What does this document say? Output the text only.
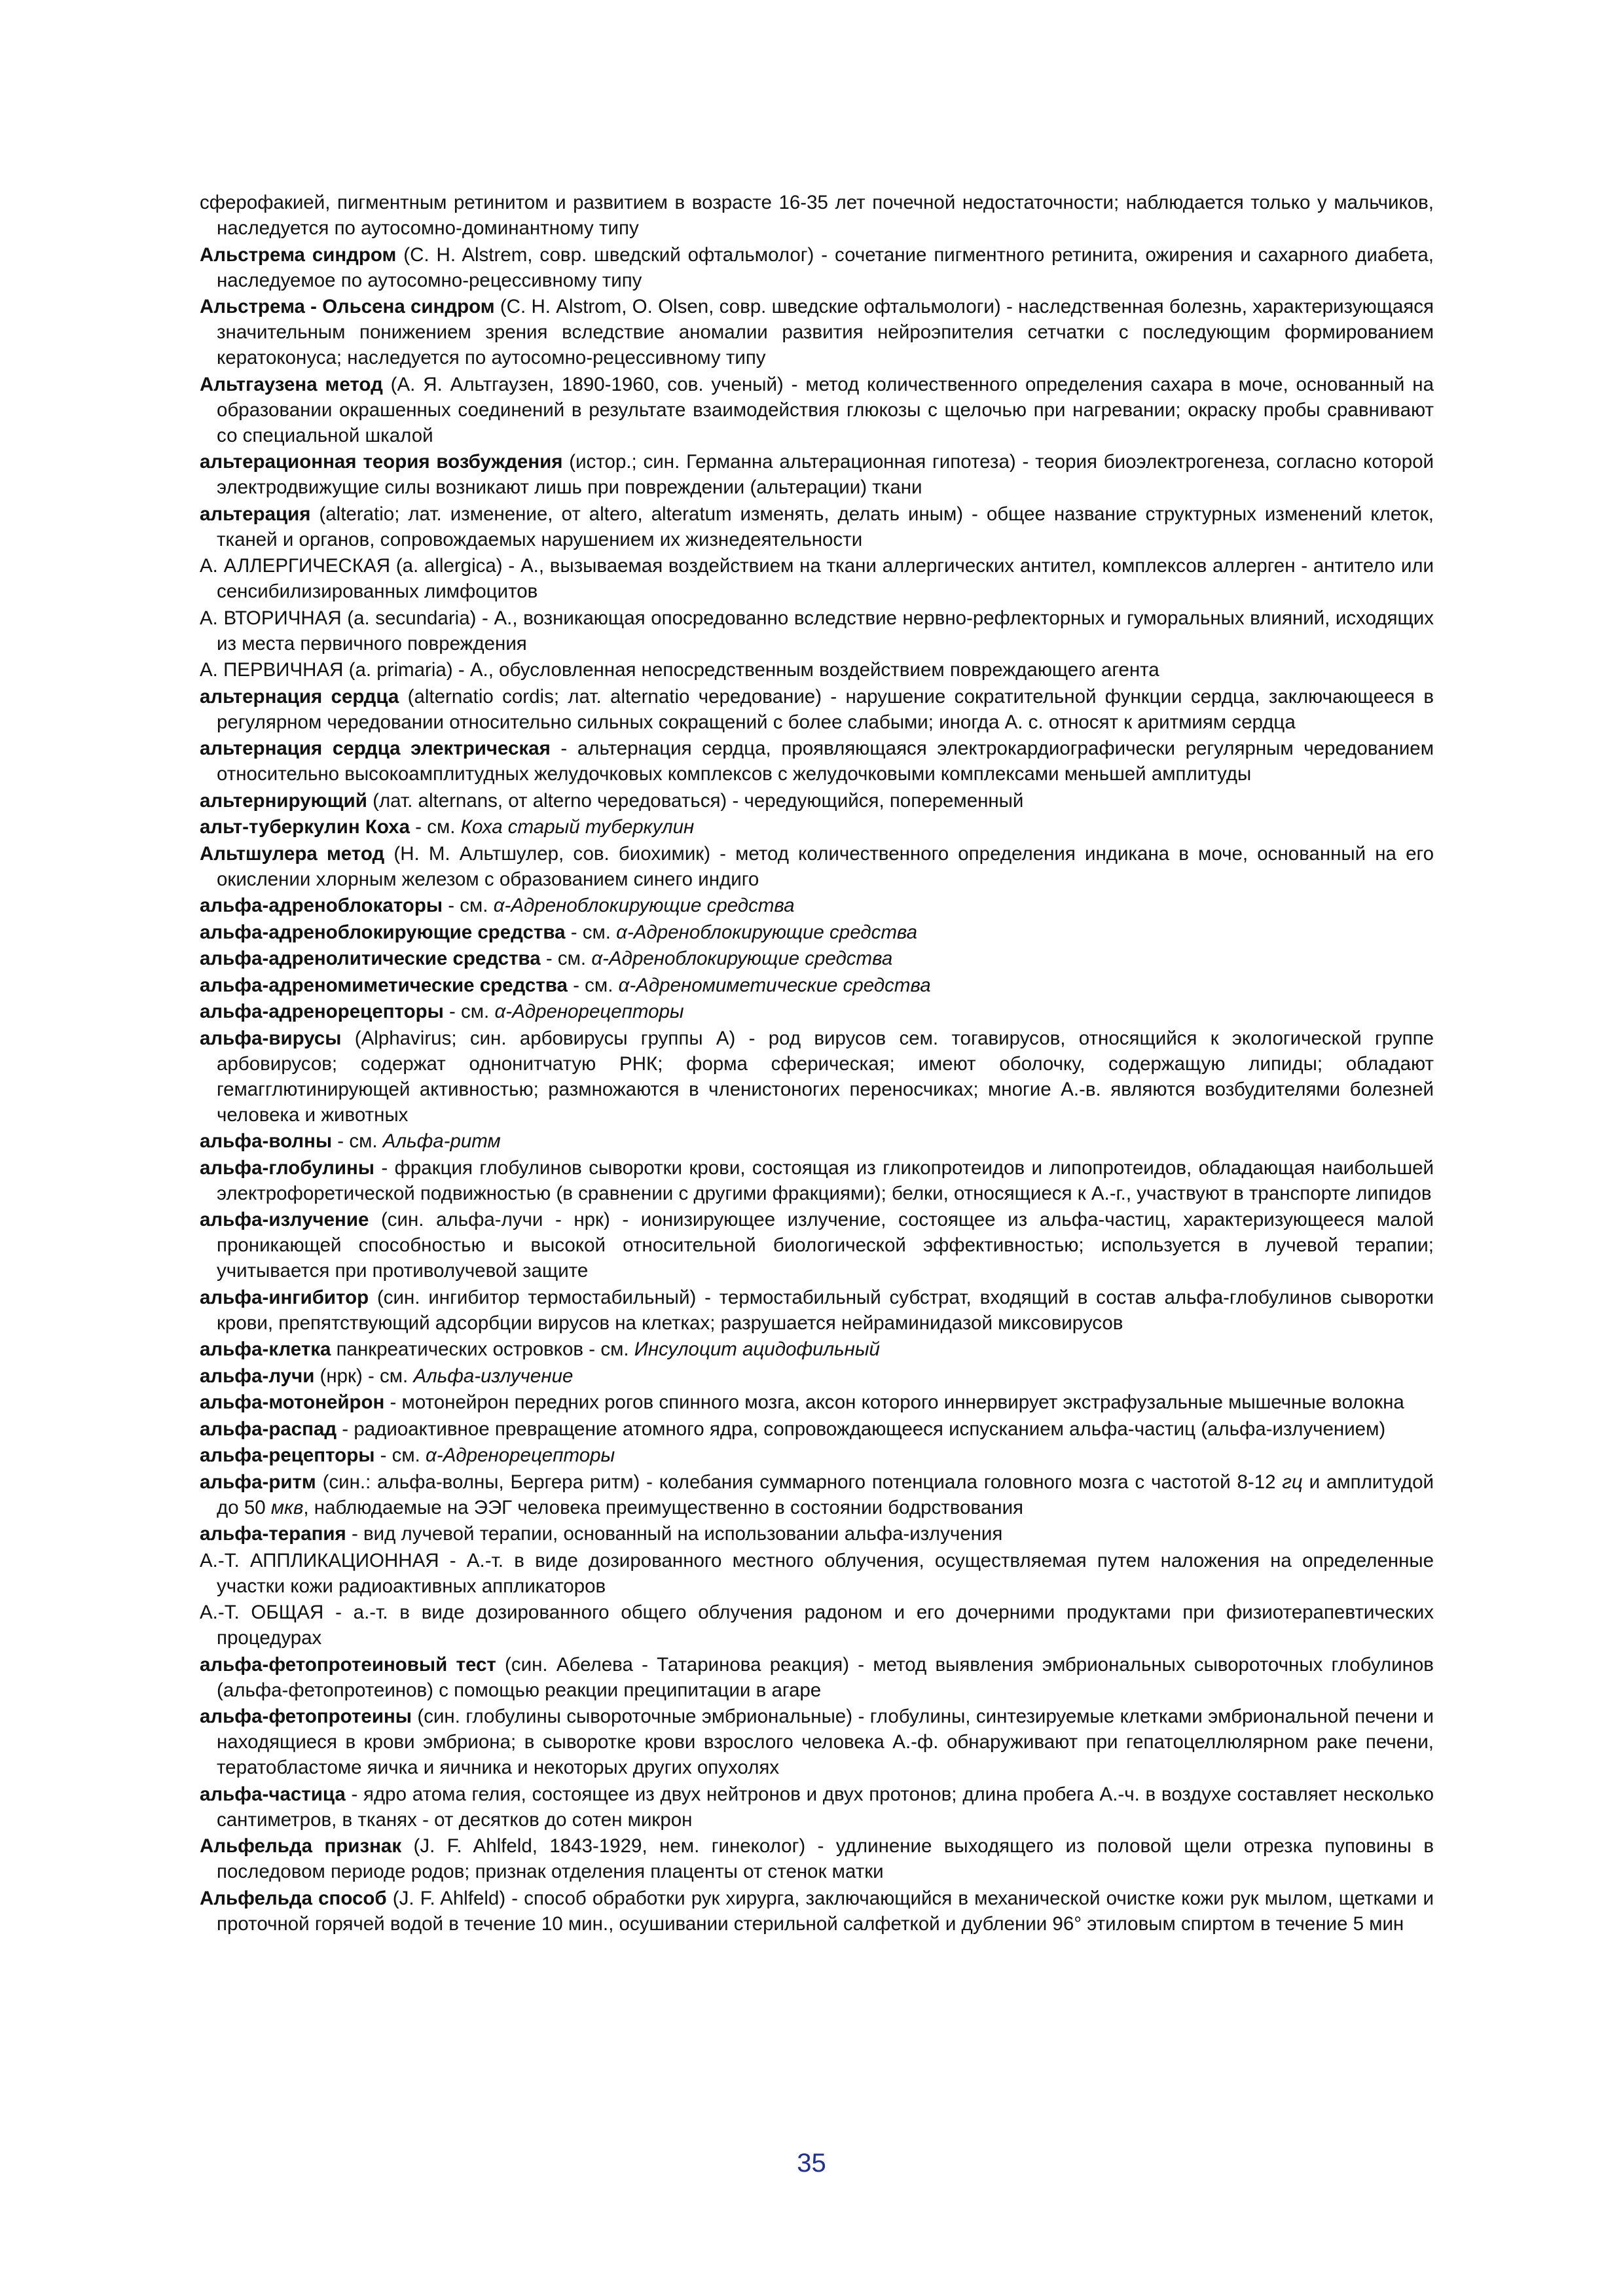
сферофакией, пигментным ретинитом и развитием в возрасте 16-35 лет почечной недостаточности; наблюдается только у мальчиков, наследуется по аутосомно-доминантному типу
Альстрема синдром (C. H. Alstrem, совр. шведский офтальмолог) - сочетание пигментного ретинита, ожирения и сахарного диабета, наследуемое по аутосомно-рецессивному типу
Альстрема - Ольсена синдром (С. Н. Alstrom, О. Olsen, совр. шведские офтальмологи) - наследственная болезнь, характеризующаяся значительным понижением зрения вследствие аномалии развития нейроэпителия сетчатки с последующим формированием кератоконуса; наследуется по аутосомно-рецессивному типу
Альтгаузена метод (А. Я. Альтгаузен, 1890-1960, сов. ученый) - метод количественного определения сахара в моче, основанный на образовании окрашенных соединений в результате взаимодействия глюкозы с щелочью при нагревании; окраску пробы сравнивают со специальной шкалой
альтерационная теория возбуждения (истор.; син. Германна альтерационная гипотеза) - теория биоэлектрогенеза, согласно которой электродвижущие силы возникают лишь при повреждении (альтерации) ткани
альтерация (alteratio; лат. изменение, от altero, alteratum изменять, делать иным) - общее название структурных изменений клеток, тканей и органов, сопровождаемых нарушением их жизнедеятельности
А. АЛЛЕРГИЧЕСКАЯ (а. allergica) - А., вызываемая воздействием на ткани аллергических антител, комплексов аллерген - антитело или сенсибилизированных лимфоцитов
А. ВТОРИЧНАЯ (а. secundaria) - А., возникающая опосредованно вследствие нервно-рефлекторных и гуморальных влияний, исходящих из места первичного повреждения
А. ПЕРВИЧНАЯ (а. primaria) - А., обусловленная непосредственным воздействием повреждающего агента
альтернация сердца (alternatio cordis; лат. alternatio чередование) - нарушение сократительной функции сердца, заключающееся в регулярном чередовании относительно сильных сокращений с более слабыми; иногда А. с. относят к аритмиям сердца
альтернация сердца электрическая - альтернация сердца, проявляющаяся электрокардиографически регулярным чередованием относительно высокоамплитудных желудочковых комплексов с желудочковыми комплексами меньшей амплитуды
альтернирующий (лат. alternans, от alterno чередоваться) - чередующийся, попеременный
альт-туберкулин Коха - см. Коха старый туберкулин
Альтшулера метод (Н. М. Альтшулер, сов. биохимик) - метод количественного определения индикана в моче, основанный на его окислении хлорным железом с образованием синего индиго
альфа-адреноблокаторы - см. α-Адреноблокирующие средства
альфа-адреноблокирующие средства - см. α-Адреноблокирующие средства
альфа-адренолитические средства - см. α-Адреноблокирующие средства
альфа-адреномиметические средства - см. α-Адреномиметические средства
альфа-адренорецепторы - см. α-Адренорецепторы
альфа-вирусы (Alphavirus; син. арбовирусы группы А) - род вирусов сем. тогавирусов, относящийся к экологической группе арбовирусов; содержат однонитчатую РНК; форма сферическая; имеют оболочку, содержащую липиды; обладают гемагглютинирующей активностью; размножаются в членистоногих переносчиках; многие А.-в. являются возбудителями болезней человека и животных
альфа-волны - см. Альфа-ритм
альфа-глобулины - фракция глобулинов сыворотки крови, состоящая из гликопротеидов и липопротеидов, обладающая наибольшей электрофоретической подвижностью (в сравнении с другими фракциями); белки, относящиеся к А.-г., участвуют в транспорте липидов
альфа-излучение (син. альфа-лучи - нрк) - ионизирующее излучение, состоящее из альфа-частиц, характеризующееся малой проникающей способностью и высокой относительной биологической эффективностью; используется в лучевой терапии; учитывается при противолучевой защите
альфа-ингибитор (син. ингибитор термостабильный) - термостабильный субстрат, входящий в состав альфа-глобулинов сыворотки крови, препятствующий адсорбции вирусов на клетках; разрушается нейраминидазой миксовирусов
альфа-клетка панкреатических островков - см. Инсулоцит ацидофильный
альфа-лучи (нрк) - см. Альфа-излучение
альфа-мотонейрон - мотонейрон передних рогов спинного мозга, аксон которого иннервирует экстрафузальные мышечные волокна
альфа-распад - радиоактивное превращение атомного ядра, сопровождающееся испусканием альфа-частиц (альфа-излучением)
альфа-рецепторы - см. α-Адренорецепторы
альфа-ритм (син.: альфа-волны, Бергера ритм) - колебания суммарного потенциала головного мозга с частотой 8-12 гц и амплитудой до 50 мкв, наблюдаемые на ЭЭГ человека преимущественно в состоянии бодрствования
альфа-терапия - вид лучевой терапии, основанный на использовании альфа-излучения
А.-Т. АППЛИКАЦИОННАЯ - А.-т. в виде дозированного местного облучения, осуществляемая путем наложения на определенные участки кожи радиоактивных аппликаторов
А.-Т. ОБЩАЯ - а.-т. в виде дозированного общего облучения радоном и его дочерними продуктами при физиотерапевтических процедурах
альфа-фетопротеиновый тест (син. Абелева - Татаринова реакция) - метод выявления эмбриональных сывороточных глобулинов (альфа-фетопротеинов) с помощью реакции преципитации в агаре
альфа-фетопротеины (син. глобулины сывороточные эмбриональные) - глобулины, синтезируемые клетками эмбриональной печени и находящиеся в крови эмбриона; в сыворотке крови взрослого человека А.-ф. обнаруживают при гепатоцеллюлярном раке печени, тератобластоме яичка и яичника и некоторых других опухолях
альфа-частица - ядро атома гелия, состоящее из двух нейтронов и двух протонов; длина пробега А.-ч. в воздухе составляет несколько сантиметров, в тканях - от десятков до сотен микрон
Альфельда признак (J. F. Ahlfeld, 1843-1929, нем. гинеколог) - удлинение выходящего из половой щели отрезка пуповины в последовом периоде родов; признак отделения плаценты от стенок матки
Альфельда способ (J. F. Ahlfeld) - способ обработки рук хирурга, заключающийся в механической очистке кожи рук мылом, щетками и проточной горячей водой в течение 10 мин., осушивании стерильной салфеткой и дублении 96° этиловым спиртом в течение 5 мин
35
